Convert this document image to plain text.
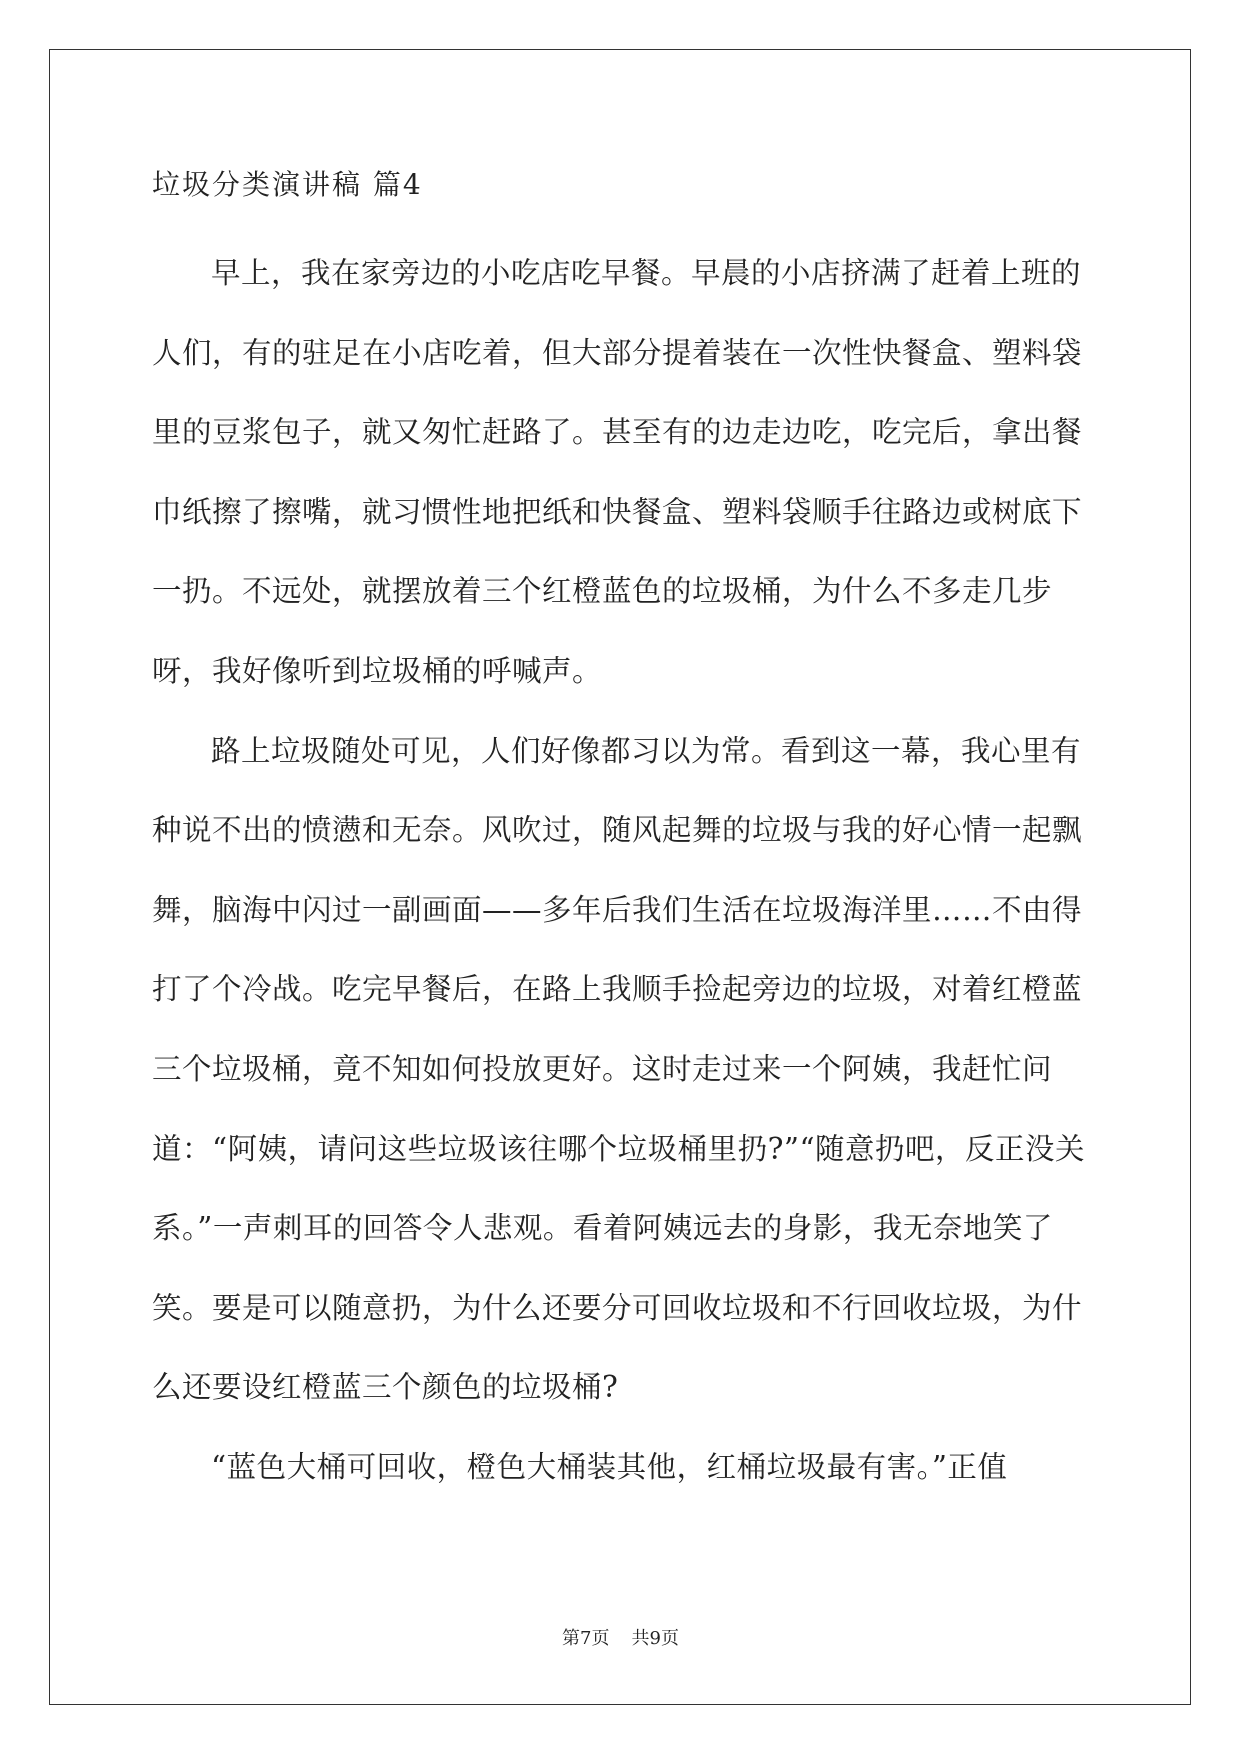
垃圾分类演讲稿 篇4

早上，我在家旁边的小吃店吃早餐。早晨的小店挤满了赶着上班的人们，有的驻足在小店吃着，但大部分提着装在一次性快餐盒、塑料袋里的豆浆包子，就又匆忙赶路了。甚至有的边走边吃，吃完后，拿出餐巾纸擦了擦嘴，就习惯性地把纸和快餐盒、塑料袋顺手往路边或树底下一扔。不远处，就摆放着三个红橙蓝色的垃圾桶，为什么不多走几步呀，我好像听到垃圾桶的呼喊声。

路上垃圾随处可见，人们好像都习以为常。看到这一幕，我心里有种说不出的愤懑和无奈。风吹过，随风起舞的垃圾与我的好心情一起飘舞，脑海中闪过一副画面——多年后我们生活在垃圾海洋里……不由得打了个冷战。吃完早餐后，在路上我顺手捡起旁边的垃圾，对着红橙蓝三个垃圾桶，竟不知如何投放更好。这时走过来一个阿姨，我赶忙问道：“阿姨，请问这些垃圾该往哪个垃圾桶里扔?”“随意扔吧，反正没关系。”一声刺耳的回答令人悲观。看着阿姨远去的身影，我无奈地笑了笑。要是可以随意扔，为什么还要分可回收垃圾和不行回收垃圾，为什么还要设红橙蓝三个颜色的垃圾桶?

“蓝色大桶可回收，橙色大桶装其他，红桶垃圾最有害。”正值

第7页 共9页
